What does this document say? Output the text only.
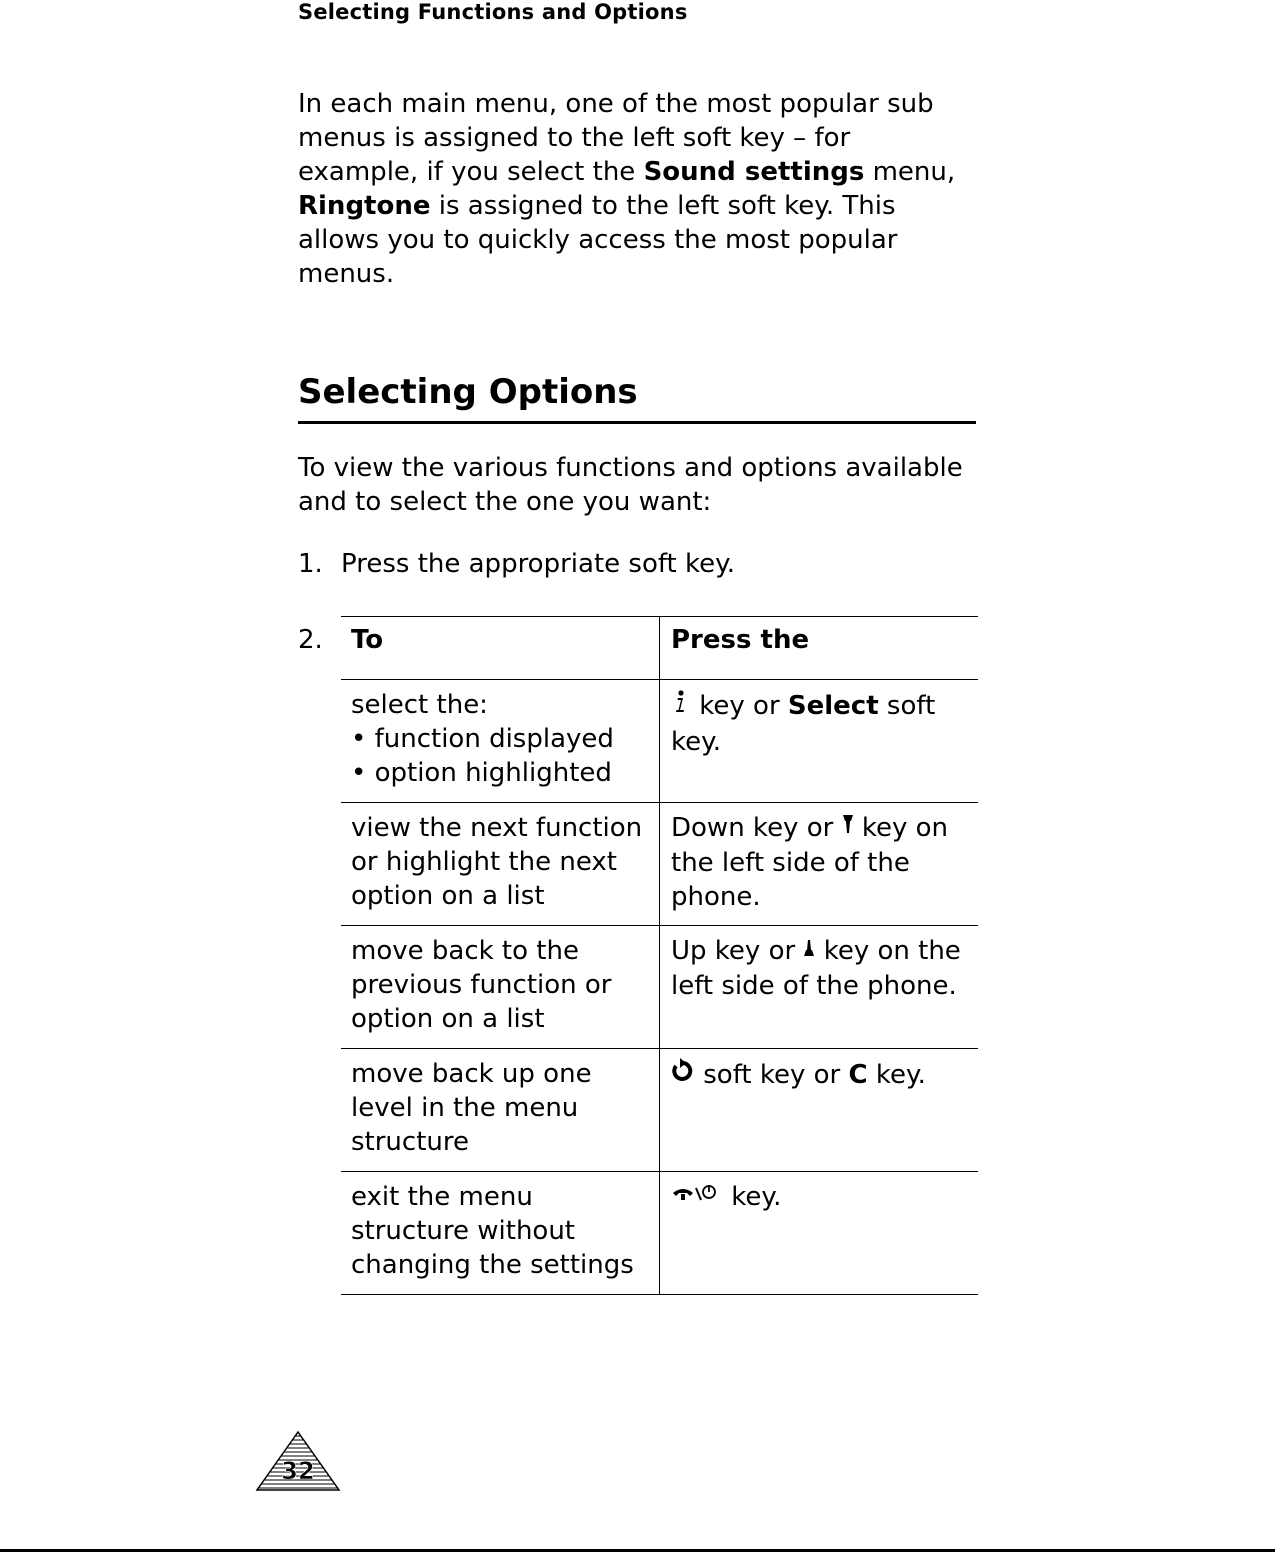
Selecting Functions and Options

In each main menu, one of the most popular sub menus is assigned to the left soft key – for example, if you select the Sound settings menu, Ringtone is assigned to the left soft key. This allows you to quickly access the most popular menus.

Selecting Options

To view the various functions and options available and to select the one you want:

1. Press the appropriate soft key.
2. To	Press the

select the:
• function displayed
• option highlighted	key or Select soft key.
view the next function or highlight the next option on a list	Down key or  key on the left side of the phone.
move back to the previous function or option on a list	Up key or  key on the left side of the phone.
move back up one level in the menu structure	soft key or C key.
exit the menu structure without changing the settings	key.
32
